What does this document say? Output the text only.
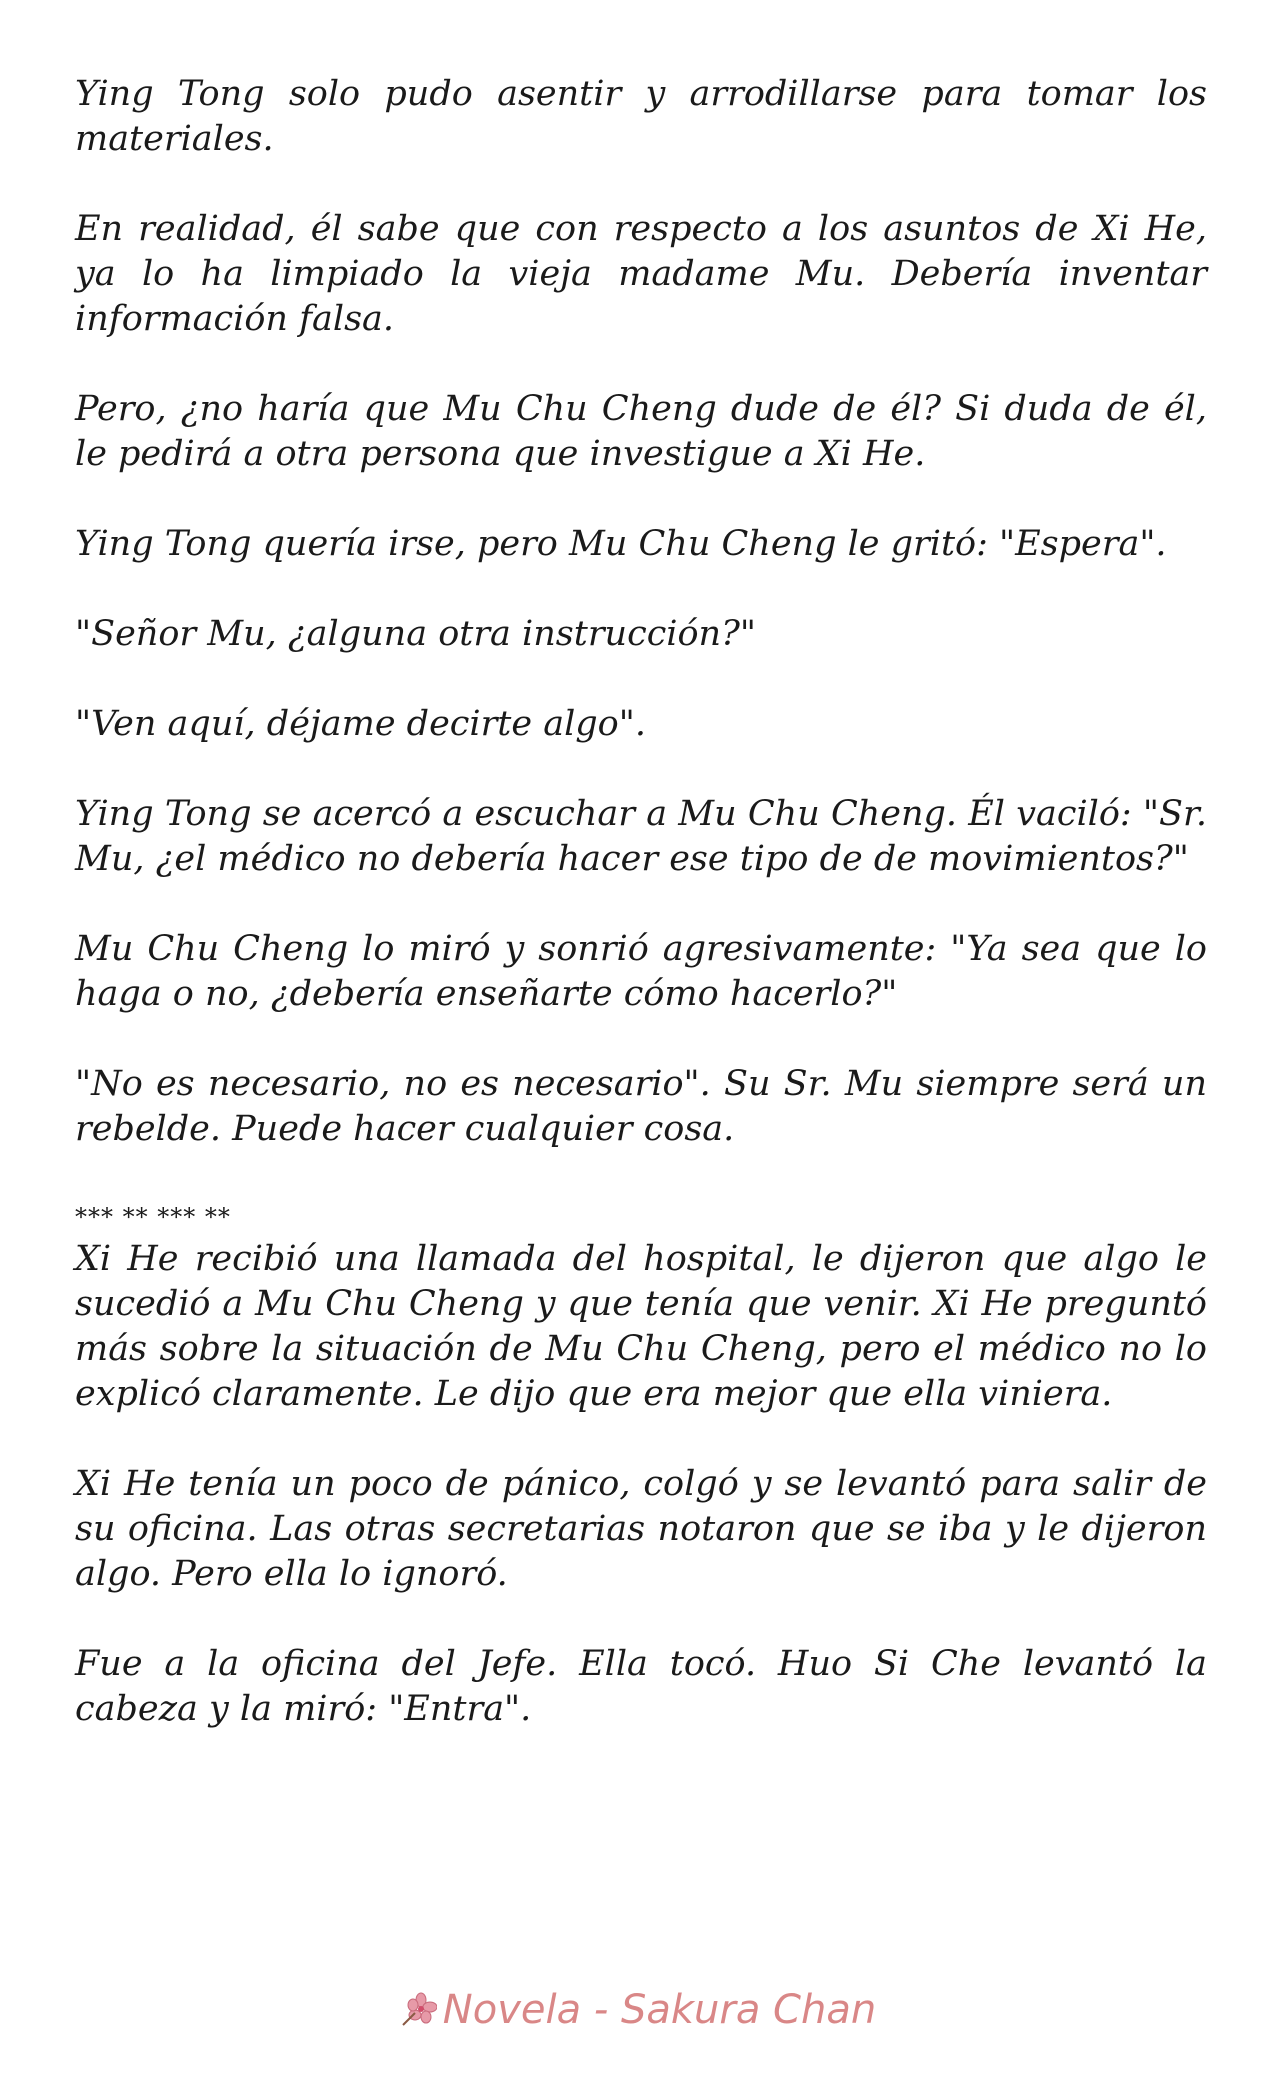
Ying Tong solo pudo asentir y arrodillarse para tomar los materiales.

En realidad, él sabe que con respecto a los asuntos de Xi He, ya lo ha limpiado la vieja madame Mu. Debería inventar información falsa.

Pero, ¿no haría que Mu Chu Cheng dude de él? Si duda de él, le pedirá a otra persona que investigue a Xi He.

Ying Tong quería irse, pero Mu Chu Cheng le gritó: "Espera".

"Señor Mu, ¿alguna otra instrucción?"

"Ven aquí, déjame decirte algo".

Ying Tong se acercó a escuchar a Mu Chu Cheng. Él vaciló: "Sr. Mu, ¿el médico no debería hacer ese tipo de de movimientos?"

Mu Chu Cheng lo miró y sonrió agresivamente: "Ya sea que lo haga o no, ¿debería enseñarte cómo hacerlo?"

"No es necesario, no es necesario". Su Sr. Mu siempre será un rebelde. Puede hacer cualquier cosa.

*** ** *** **

Xi He recibió una llamada del hospital, le dijeron que algo le sucedió a Mu Chu Cheng y que tenía que venir. Xi He preguntó más sobre la situación de Mu Chu Cheng, pero el médico no lo explicó claramente. Le dijo que era mejor que ella viniera.

Xi He tenía un poco de pánico, colgó y se levantó para salir de su oficina. Las otras secretarias notaron que se iba y le dijeron algo. Pero ella lo ignoró.

Fue a la oficina del Jefe. Ella tocó. Huo Si Che levantó la cabeza y la miró: "Entra".

Novela - Sakura Chan
